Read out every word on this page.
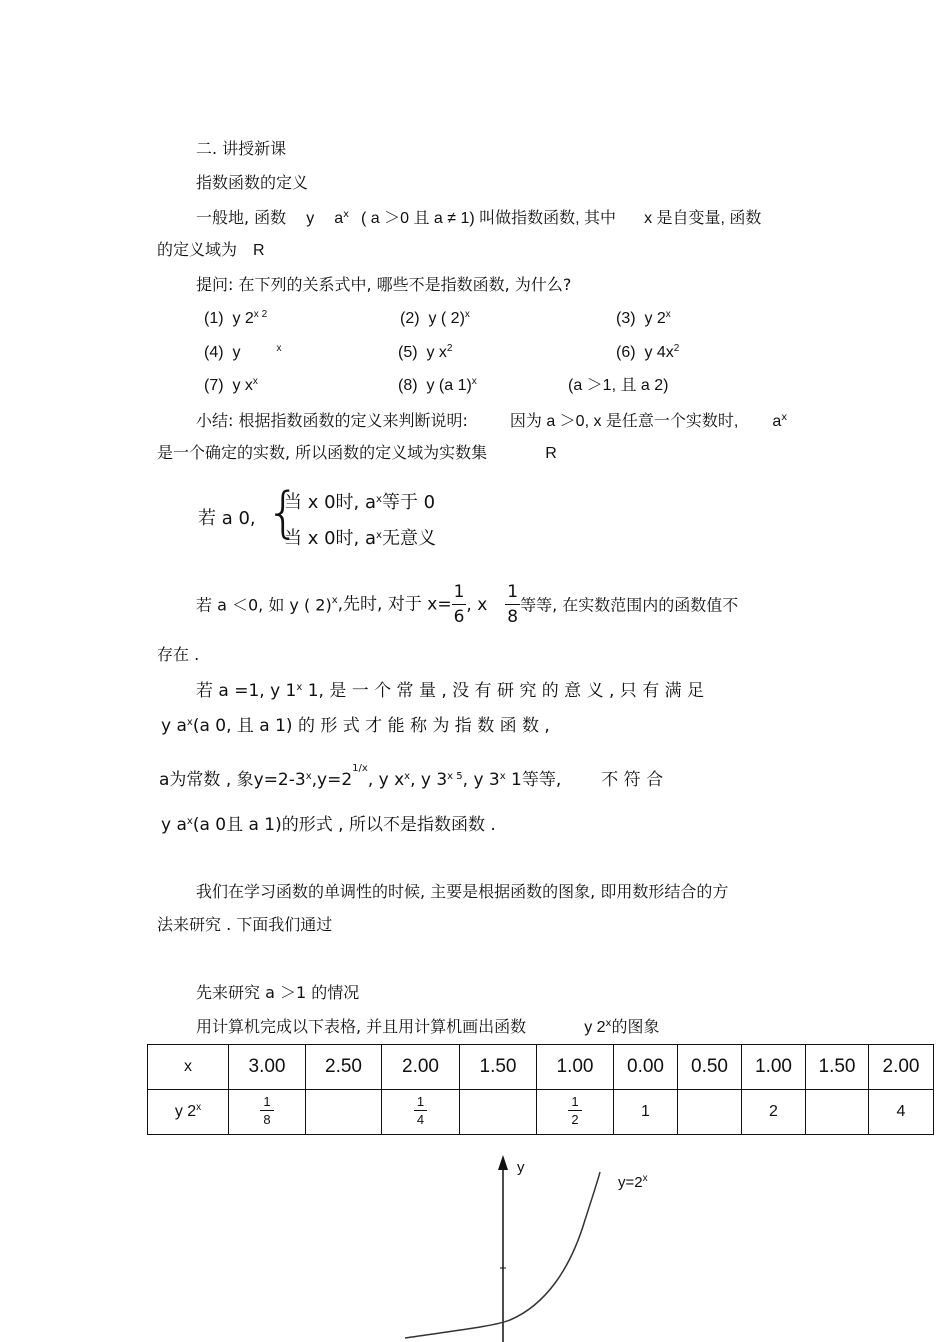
二. 讲授新课
指数函数的定义
一般地, 函数 y $a^x$ ( a ＞0 且 a ≠ 1) 叫做指数函数, 其中 x 是自变量, 函数
的定义域为 R
提问: 在下列的关系式中, 哪些不是指数函数, 为什么?
(1) y $2^{x 2}$	(2) y ( 2)$^x$	(3) y 2$^x$
(4) y	$^x$	(5) y $x^2$	(6) y $4x^2$
(7) y $x^x$	(8) y (a 1)$^x$	(a ＞1, 且 a 2)
小结: 根据指数函数的定义来判断说明:	因为 a ＞0, x 是任意一个实数时, $a^x$
是一个确定的实数, 所以函数的定义域为实数集	R
若 a 0, {
当 x 0时, $a^x$等于 0
当 x 0时, $a^x$无意义
若 a ＜0, 如 y ( 2)$^x$,先时, 对于 $x= \frac{1}{6}$ , x $\frac{1}{8}$ 等等, 在实数范围内的函数值不
存在 .
若 a =1, y 1$^x$ 1, 是 一 个 常 量 , 没 有 研 究 的 意 义 , 只 有 满 足
y $a^x(a$ 0, 且 a 1) 的 形 式 才 能 称 为 指 数 函 数 ,
a为常数 , 象$y=2-3^x,y=2^{1/x}$, y $x^x$, y $3^{x 5}$, y 3$^x$ 1等等, 不 符 合
y $a^x(a$ 0且 a 1)的形式 , 所以不是指数函数 .
我们在学习函数的单调性的时候, 主要是根据函数的图象, 即用数形结合的方
法来研究 . 下面我们通过
先来研究 a ＞1 的情况
用计算机完成以下表格, 并且用计算机画出函数	y 2$^x$的图象
x	3.00	2.50	2.00	1.50	1.00	0.00	0.50	1.00	1.50	2.00
y 2$^x$	$\frac{1}{8}$		$\frac{1}{4}$		$\frac{1}{2}$	1		2		4
y
$y=2^x$
